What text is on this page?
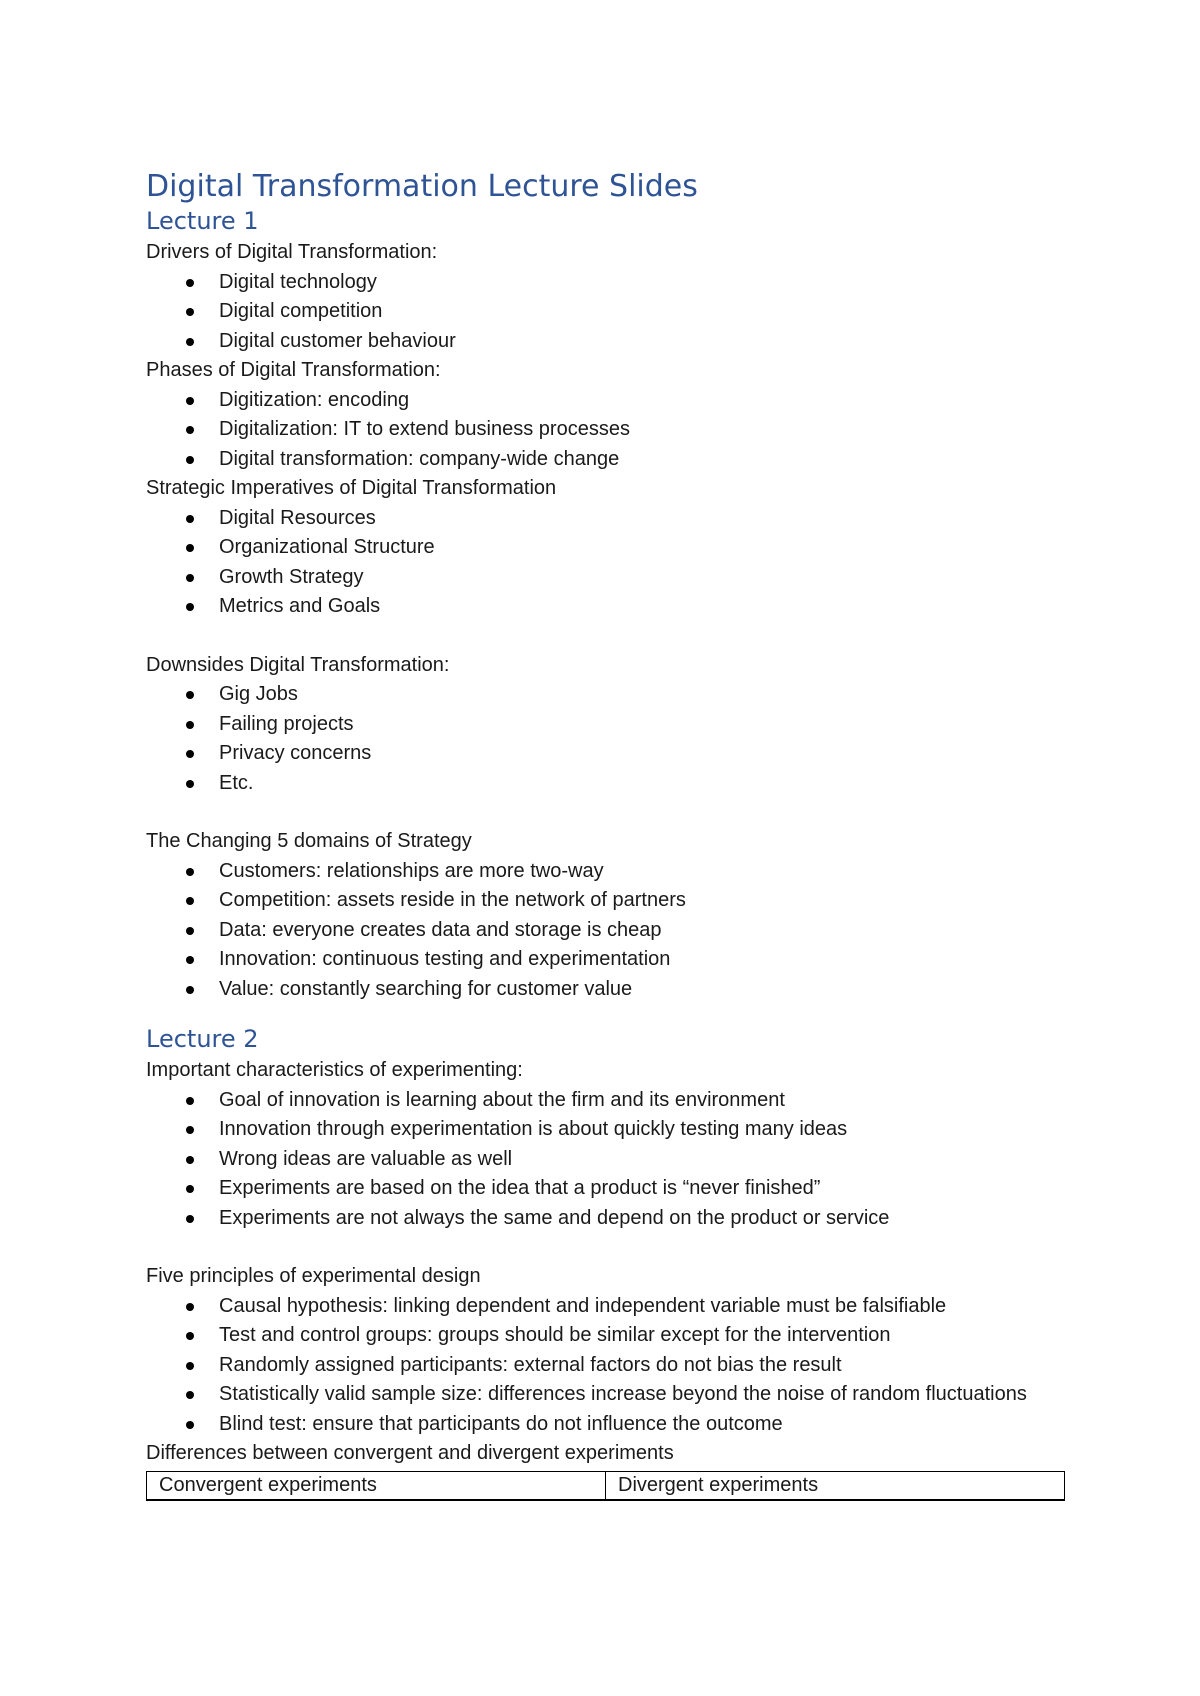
Digital Transformation Lecture Slides
Lecture 1

Drivers of Digital Transformation:

Digital technology
Digital competition
Digital customer behaviour

Phases of Digital Transformation:

Digitization: encoding
Digitalization: IT to extend business processes
Digital transformation: company-wide change

Strategic Imperatives of Digital Transformation

Digital Resources
Organizational Structure
Growth Strategy
Metrics and Goals

Downsides Digital Transformation:

Gig Jobs
Failing projects
Privacy concerns
Etc.

The Changing 5 domains of Strategy

Customers: relationships are more two-way
Competition: assets reside in the network of partners
Data: everyone creates data and storage is cheap
Innovation: continuous testing and experimentation
Value: constantly searching for customer value
Lecture 2

Important characteristics of experimenting:

Goal of innovation is learning about the firm and its environment
Innovation through experimentation is about quickly testing many ideas
Wrong ideas are valuable as well
Experiments are based on the idea that a product is “never finished”
Experiments are not always the same and depend on the product or service

Five principles of experimental design

Causal hypothesis: linking dependent and independent variable must be falsifiable
Test and control groups: groups should be similar except for the intervention
Randomly assigned participants: external factors do not bias the result
Statistically valid sample size: differences increase beyond the noise of random fluctuations
Blind test: ensure that participants do not influence the outcome

Differences between convergent and divergent experiments

Convergent experiments	Divergent experiments
